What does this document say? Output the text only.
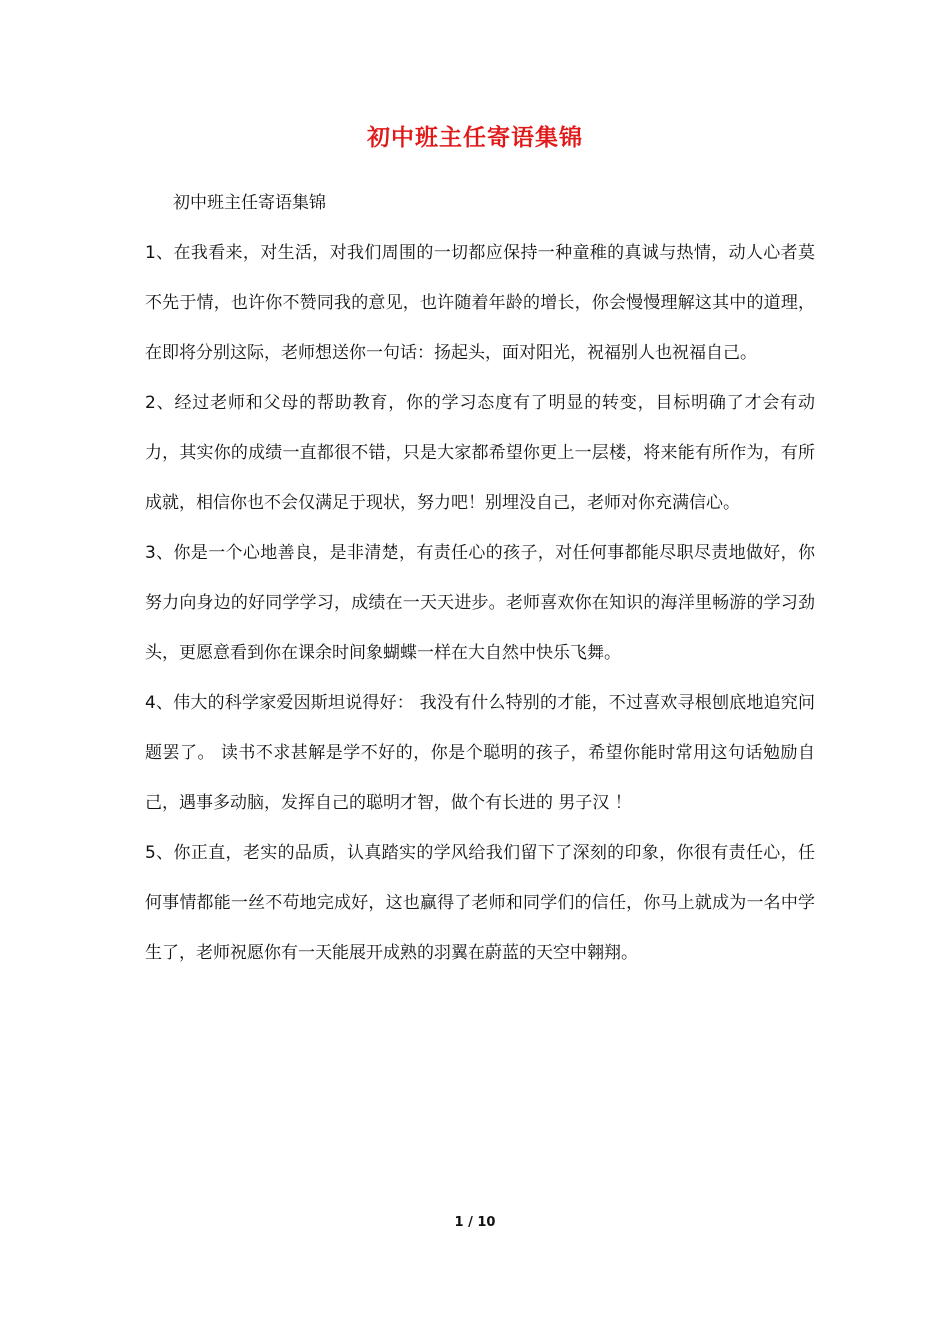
初中班主任寄语集锦

初中班主任寄语集锦

1、在我看来，对生活，对我们周围的一切都应保持一种童稚的真诚与热情，动人心者莫不先于情，也许你不赞同我的意见，也许随着年龄的增长，你会慢慢理解这其中的道理，在即将分别这际，老师想送你一句话：扬起头，面对阳光，祝福别人也祝福自己。

2、经过老师和父母的帮助教育，你的学习态度有了明显的转变，目标明确了才会有动力，其实你的成绩一直都很不错，只是大家都希望你更上一层楼，将来能有所作为，有所成就，相信你也不会仅满足于现状，努力吧！别埋没自己，老师对你充满信心。

3、你是一个心地善良，是非清楚，有责任心的孩子，对任何事都能尽职尽责地做好，你努力向身边的好同学学习，成绩在一天天进步。老师喜欢你在知识的海洋里畅游的学习劲头，更愿意看到你在课余时间象蝴蝶一样在大自然中快乐飞舞。

4、伟大的科学家爱因斯坦说得好： 我没有什么特别的才能，不过喜欢寻根刨底地追究问题罢了。 读书不求甚解是学不好的，你是个聪明的孩子，希望你能时常用这句话勉励自己，遇事多动脑，发挥自己的聪明才智，做个有长进的 男子汉 ！

5、你正直，老实的品质，认真踏实的学风给我们留下了深刻的印象，你很有责任心，任何事情都能一丝不苟地完成好，这也赢得了老师和同学们的信任，你马上就成为一名中学生了，老师祝愿你有一天能展开成熟的羽翼在蔚蓝的天空中翱翔。

1 / 10
